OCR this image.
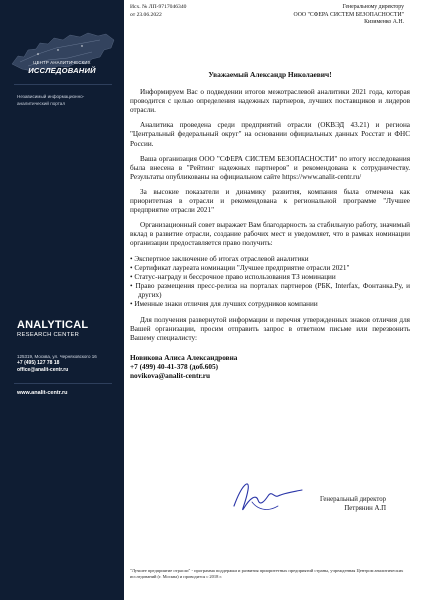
ЦЕНТР АНАЛИТИЧЕСКИХ
ИССЛЕДОВАНИЙ
Независимый информационно-аналитический портал
ANALYTICAL
RESEARCH CENTER
125319, Москва, ул. Черняховского 16
+7 (495) 127 78 18
office@analit-centr.ru
www.analit-centr.ru
Исх. № ЛП-9717046340
от 23.06.2022
Генеральному директору
ООО "СФЕРА СИСТЕМ БЕЗОПАСНОСТИ"
Кизименко А.Н.
Уважаемый Александр Николаевич!

Информируем Вас о подведении итогов межотраслевой аналитики 2021 года, которая проводится с целью определения надежных партнеров, лучших поставщиков и лидеров отрасли.

Аналитика проведена среди предприятий отрасли (ОКВЭД 43.21) и региона "Центральный федеральный округ" на основании официальных данных Росстат и ФНС России.

Ваша организация ООО "СФЕРА СИСТЕМ БЕЗОПАСНОСТИ" по итогу исследования была внесена в "Рейтинг надежных партнеров" и рекомендована к сотрудничеству. Результаты опубликованы на официальном сайте https://www.analit-centr.ru/

За высокие показатели и динамику развития, компания была отмечена как приоритетная в отрасли и рекомендована к региональной программе "Лучшее предприятие отрасли 2021"

Организационный совет выражает Вам благодарность за стабильную работу, значимый вклад в развитие отрасли, создание рабочих мест и уведомляет, что в рамках номинации организации предоставляется право получить:

• Экспертное заключение об итогах отраслевой аналитики
• Сертификат лауреата номинации "Лучшее предприятие отрасли 2021"
• Статус-награду и бессрочное право использования ТЗ номинации
• Право размещения пресс-релиза на порталах партнеров (РБК, Interfax, Фонтанка.Ру, и других)
• Именные знаки отличия для лучших сотрудников компании

Для получения развернутой информации и перечня утвержденных знаков отличия для Вашей организации, просим отправить запрос в ответном письме или перезвонить Вашему специалисту:

Новикова Алиса Александровна
+7 (499) 40-41-378 (доб.605)
novikova@analit-centr.ru
Генеральный директор
Петрянин А.П
"Лучшее предприятие отрасли" - программа поддержки и развития приоритетных предприятий страны, учрежденная Центром аналитических исследований (г. Москва) и проводится с 2018 г.
